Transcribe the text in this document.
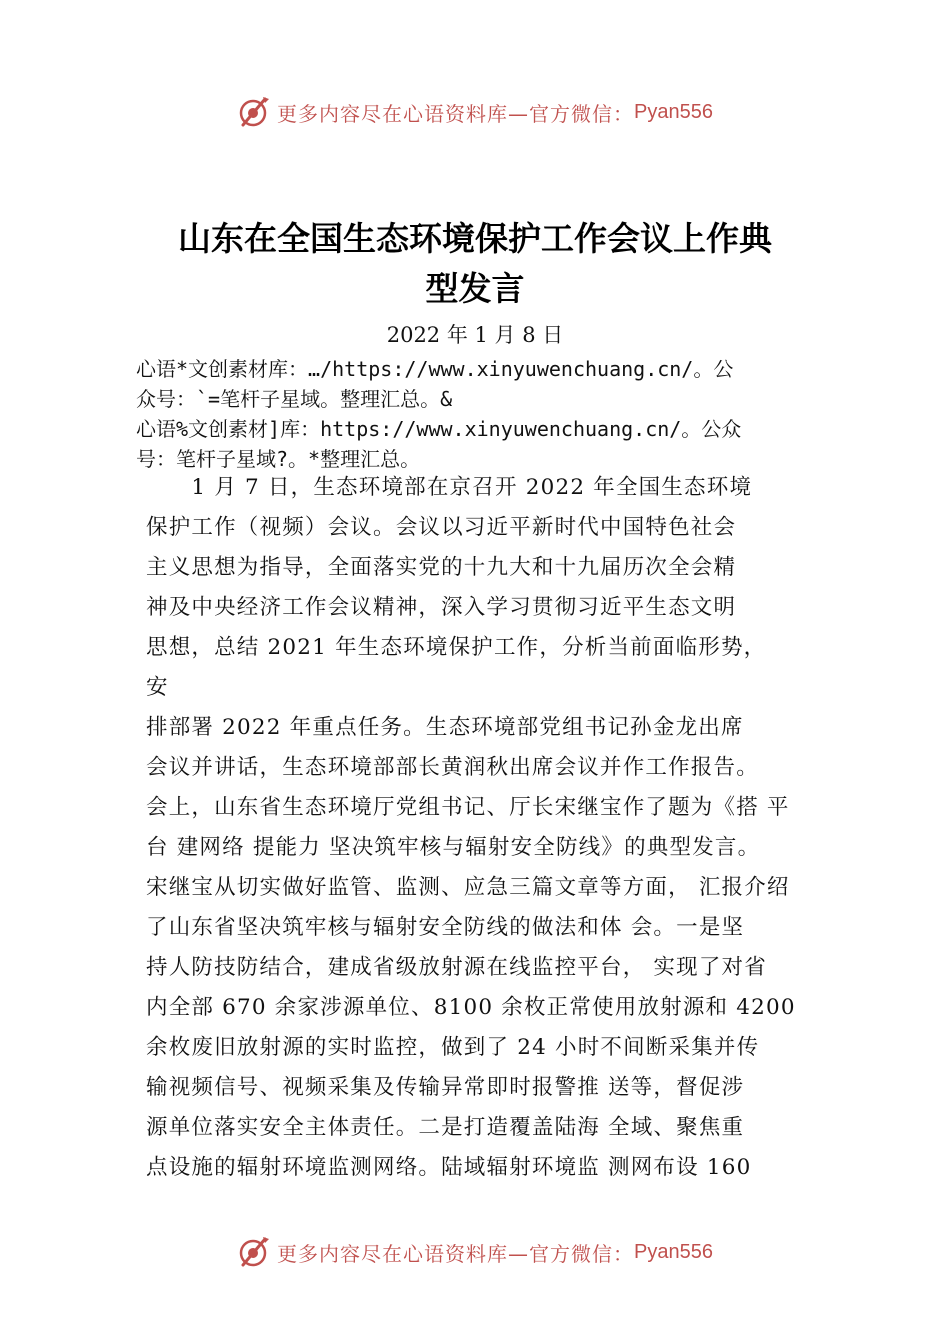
更多内容尽在心语资料库—官方微信： Pyan556
山东在全国生态环境保护工作会议上作典
型发言
2022 年 1 月 8 日
心语*文创素材库：…/https://www.xinyuwenchuang.cn/。公
众号：`=笔杆子星域。整理汇总。&
心语%文创素材]库：https://www.xinyuwenchuang.cn/。公众
号：笔杆子星域?。*整理汇总。
　　1 月 7 日，生态环境部在京召开 2022 年全国生态环境
保护工作（视频）会议。会议以习近平新时代中国特色社会
主义思想为指导，全面落实党的十九大和十九届历次全会精
神及中央经济工作会议精神，深入学习贯彻习近平生态文明
思想，总结 2021 年生态环境保护工作，分析当前面临形势，
安
排部署 2022 年重点任务。生态环境部党组书记孙金龙出席
会议并讲话，生态环境部部长黄润秋出席会议并作工作报告。
会上，山东省生态环境厅党组书记、厅长宋继宝作了题为《搭 平
台 建网络 提能力 坚决筑牢核与辐射安全防线》的典型发言。
宋继宝从切实做好监管、监测、应急三篇文章等方面， 汇报介绍
了山东省坚决筑牢核与辐射安全防线的做法和体 会。一是坚
持人防技防结合，建成省级放射源在线监控平台， 实现了对省
内全部 670 余家涉源单位、8100 余枚正常使用放射源和 4200
余枚废旧放射源的实时监控，做到了 24 小时不间断采集并传
输视频信号、视频采集及传输异常即时报警推 送等，督促涉
源单位落实安全主体责任。二是打造覆盖陆海 全域、聚焦重
点设施的辐射环境监测网络。陆域辐射环境监 测网布设 160
更多内容尽在心语资料库—官方微信： Pyan556
